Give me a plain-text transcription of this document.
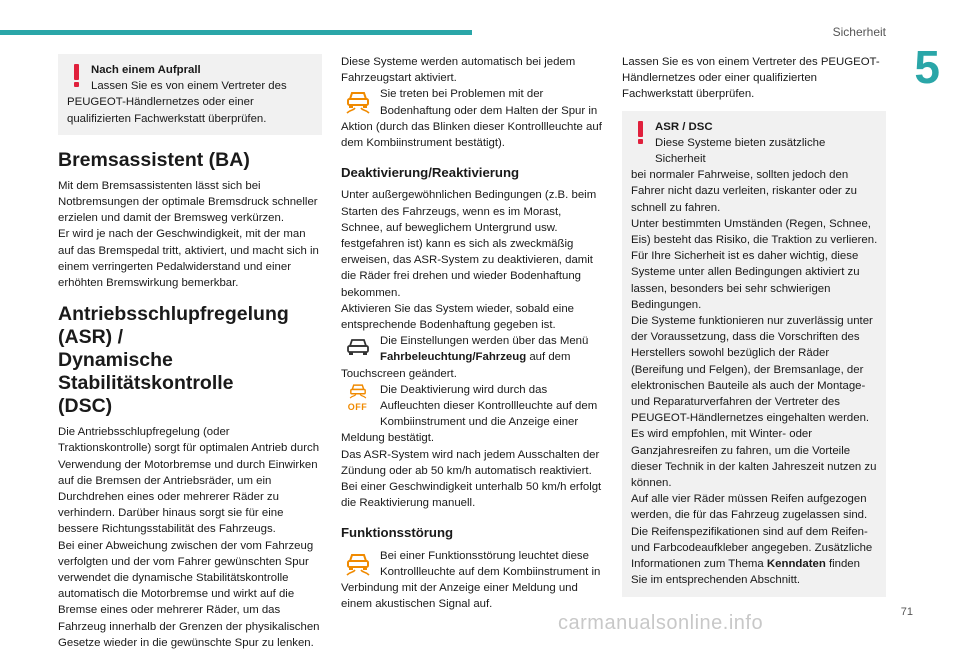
Sicherheit
5

Nach einem Aufprall

Lassen Sie es von einem Vertreter des

PEUGEOT-Händlernetzes oder einer qualifizierten Fachwerkstatt überprüfen.

Bremsassistent (BA)

Mit dem Bremsassistenten lässt sich bei Notbremsungen der optimale Bremsdruck schneller erzielen und damit der Bremsweg verkürzen.

Er wird je nach der Geschwindigkeit, mit der man auf das Bremspedal tritt, aktiviert, und macht sich in einem verringerten Pedalwiderstand und einer erhöhten Bremswirkung bemerkbar.

Antriebsschlupfregelung (ASR) /
Dynamische Stabilitätskontrolle
(DSC)

Die Antriebsschlupfregelung (oder Traktionskontrolle) sorgt für optimalen Antrieb durch Verwendung der Motorbremse und durch Einwirken auf die Bremsen der Antriebsräder, um ein Durchdrehen eines oder mehrerer Räder zu verhindern. Darüber hinaus sorgt sie für eine bessere Richtungsstabilität des Fahrzeugs.

Bei einer Abweichung zwischen der vom Fahrzeug verfolgten und der vom Fahrer gewünschten Spur verwendet die dynamische Stabilitätskontrolle automatisch die Motorbremse und wirkt auf die Bremse eines oder mehrerer Räder, um das Fahrzeug innerhalb der Grenzen der physikalischen Gesetze wieder in die gewünschte Spur zu lenken.

Diese Systeme werden automatisch bei jedem Fahrzeugstart aktiviert.

Sie treten bei Problemen mit der Bodenhaftung oder dem Halten der Spur in Aktion (durch das Blinken dieser Kontrollleuchte auf dem Kombiinstrument bestätigt).

Deaktivierung/Reaktivierung

Unter außergewöhnlichen Bedingungen (z.B. beim Starten des Fahrzeugs, wenn es im Morast, Schnee, auf beweglichem Untergrund usw. festgefahren ist) kann es sich als zweckmäßig erweisen, das ASR-System zu deaktivieren, damit die Räder frei drehen und wieder Bodenhaftung bekommen.

Aktivieren Sie das System wieder, sobald eine entsprechende Bodenhaftung gegeben ist.

Die Einstellungen werden über das Menü Fahrbeleuchtung/Fahrzeug auf dem Touchscreen geändert.

OFF

Die Deaktivierung wird durch das Aufleuchten dieser Kontrollleuchte auf dem Kombiinstrument und die Anzeige einer Meldung bestätigt.

Das ASR-System wird nach jedem Ausschalten der Zündung oder ab 50 km/h automatisch reaktiviert.

Bei einer Geschwindigkeit unterhalb 50 km/h erfolgt die Reaktivierung manuell.

Funktionsstörung

Bei einer Funktionsstörung leuchtet diese Kontrollleuchte auf dem Kombiinstrument in Verbindung mit der Anzeige einer Meldung und einem akustischen Signal auf.

Lassen Sie es von einem Vertreter des PEUGEOT-Händlernetzes oder einer qualifizierten Fachwerkstatt überprüfen.

ASR / DSC

Diese Systeme bieten zusätzliche Sicherheit

bei normaler Fahrweise, sollten jedoch den Fahrer nicht dazu verleiten, riskanter oder zu schnell zu fahren.

Unter bestimmten Umständen (Regen, Schnee, Eis) besteht das Risiko, die Traktion zu verlieren. Für Ihre Sicherheit ist es daher wichtig, diese Systeme unter allen Bedingungen aktiviert zu lassen, besonders bei sehr schwierigen Bedingungen.

Die Systeme funktionieren nur zuverlässig unter der Voraussetzung, dass die Vorschriften des Herstellers sowohl bezüglich der Räder (Bereifung und Felgen), der Bremsanlage, der elektronischen Bauteile als auch der Montage- und Reparaturverfahren der Vertreter des PEUGEOT-Händlernetzes eingehalten werden.

Es wird empfohlen, mit Winter- oder Ganzjahresreifen zu fahren, um die Vorteile dieser Technik in der kalten Jahreszeit nutzen zu können.

Auf alle vier Räder müssen Reifen aufgezogen werden, die für das Fahrzeug zugelassen sind.

Die Reifenspezifikationen sind auf dem Reifen- und Farbcodeaufkleber angegeben. Zusätzliche Informationen zum Thema Kenndaten finden Sie im entsprechenden Abschnitt.

71
carmanualsonline.info
